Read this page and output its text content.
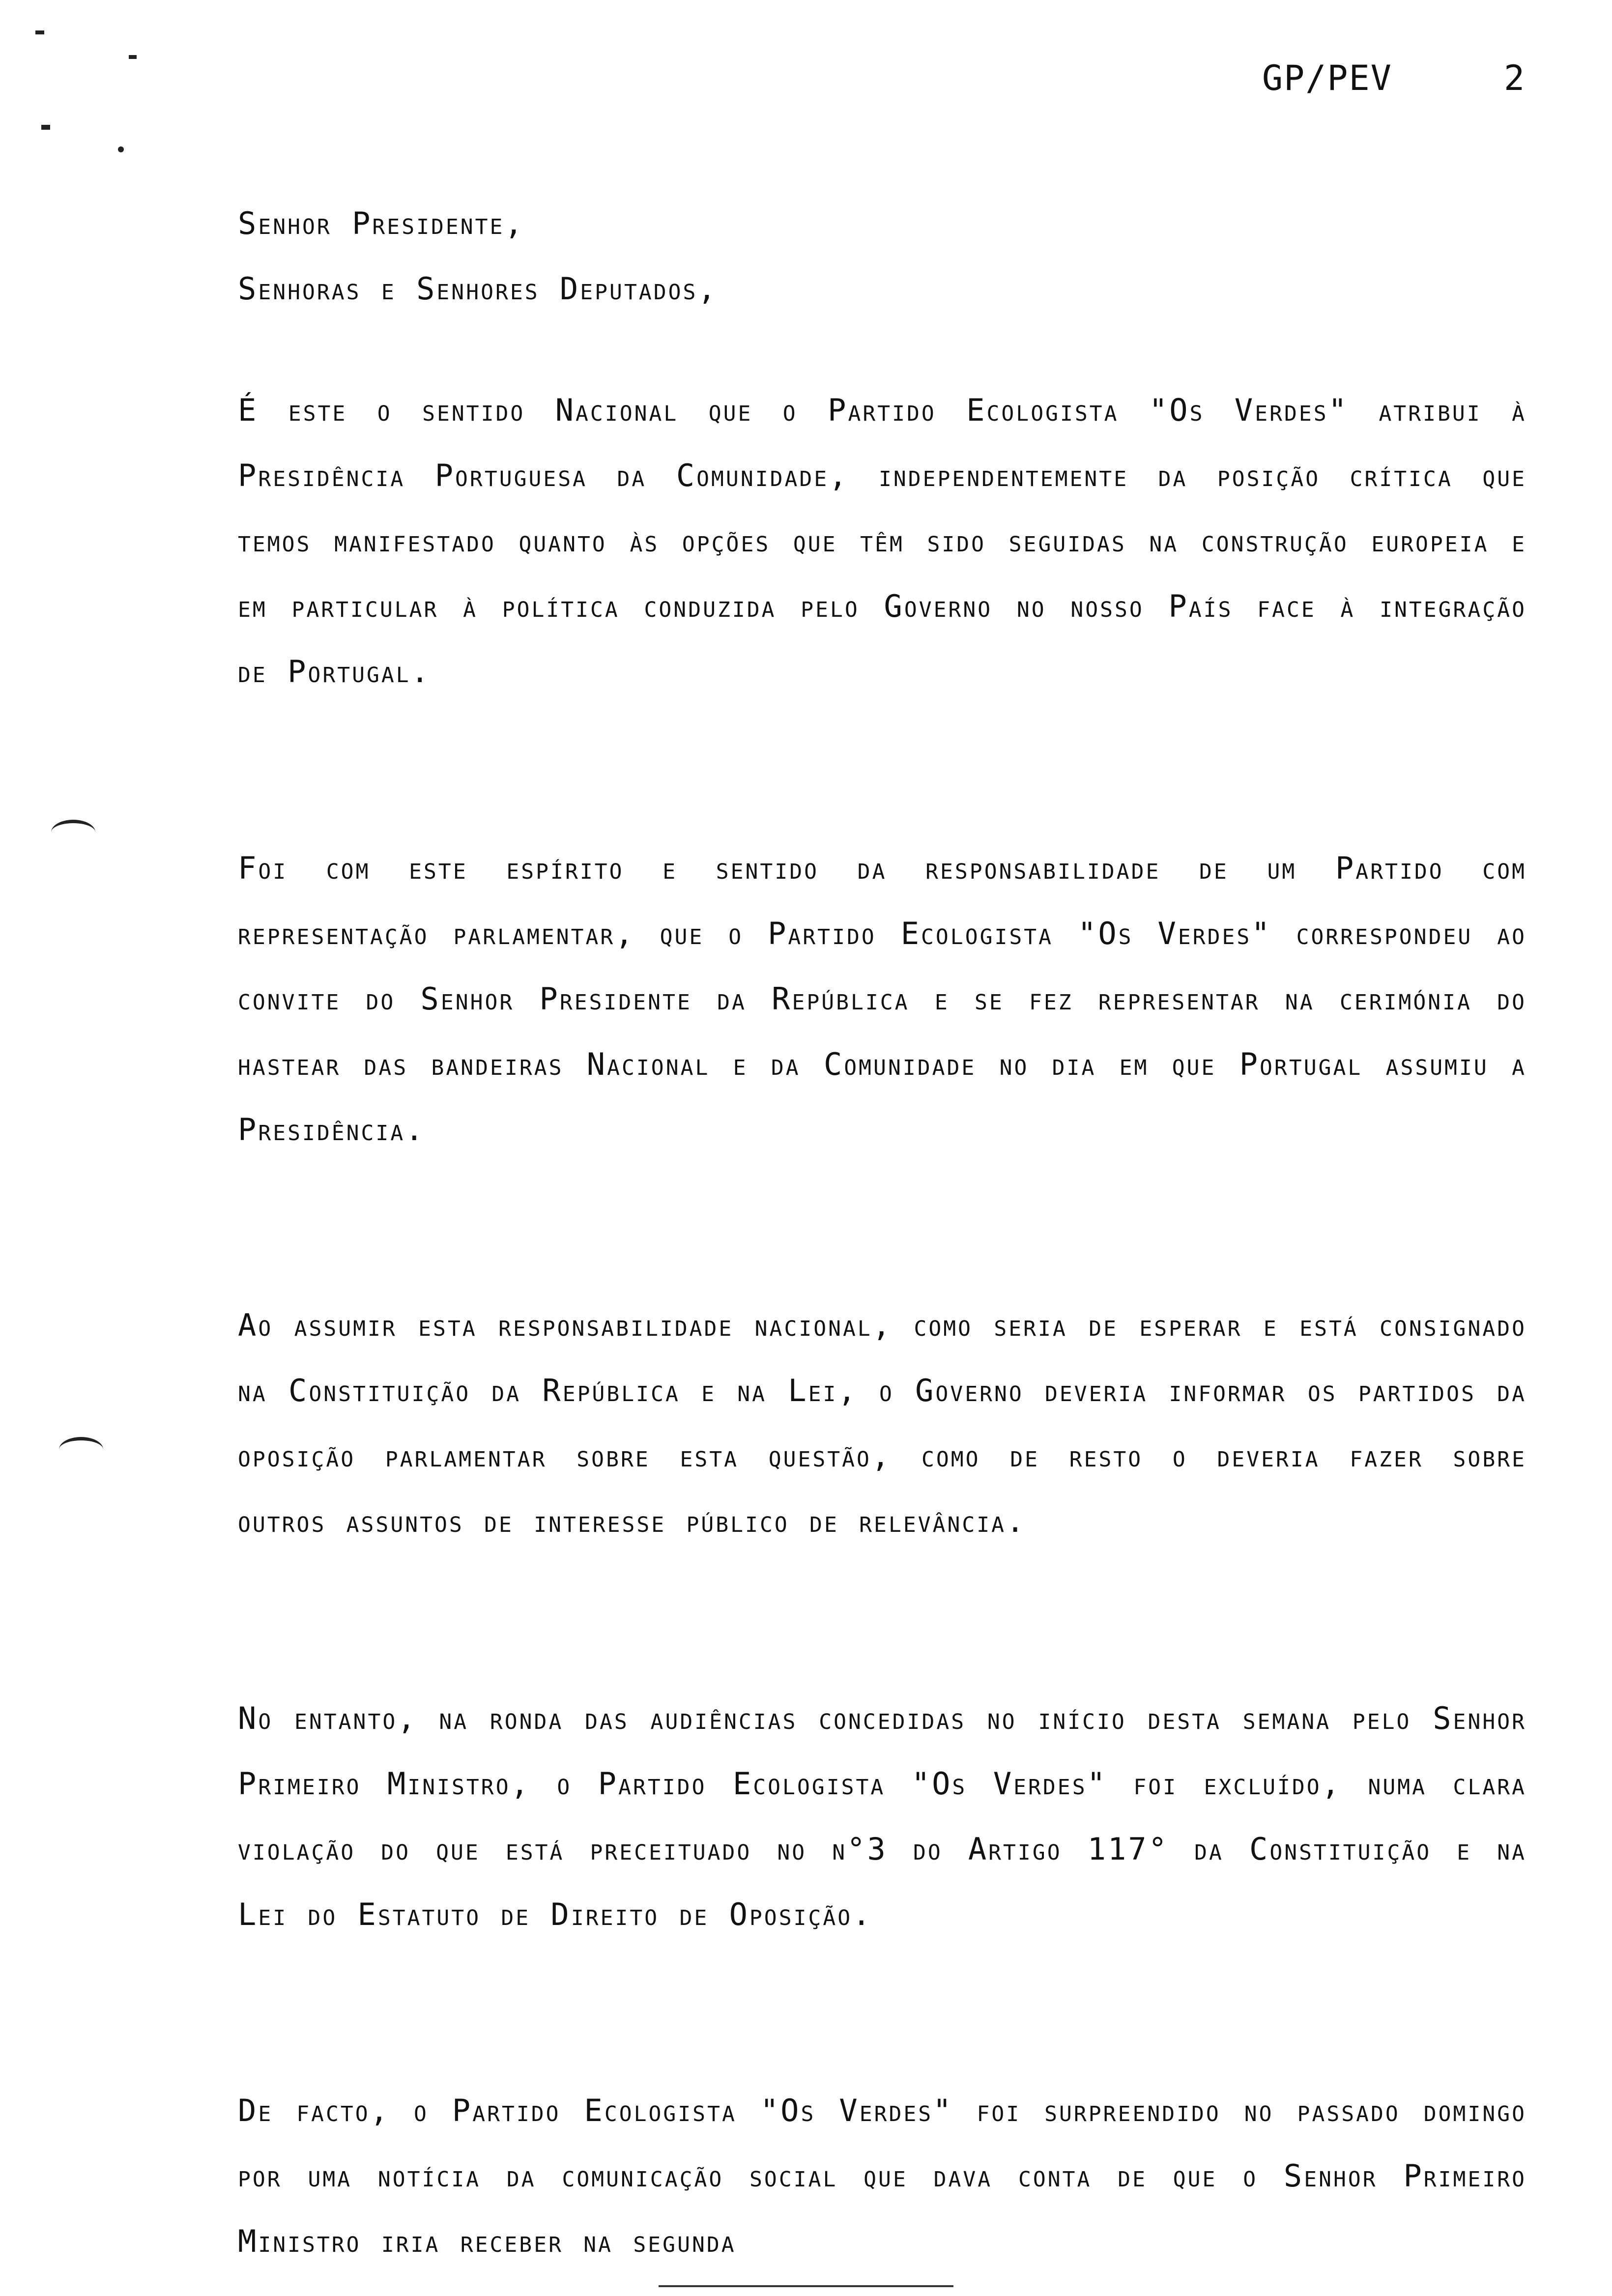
GP/PEV	2

Senhor Presidente,

Senhoras e Senhores Deputados,

É este o sentido Nacional que o Partido Ecologista "Os Verdes" atribui à Presidência Portuguesa da Comunidade, independentemente da posição crítica que temos manifestado quanto às opções que têm sido seguidas na construção europeia e em particular à política conduzida pelo Governo no nosso País face à integração de Portugal.

Foi com este espírito e sentido da responsabilidade de um Partido com representação parlamentar, que o Partido Ecologista "Os Verdes" correspondeu ao convite do Senhor Presidente da República e se fez representar na cerimónia do hastear das bandeiras Nacional e da Comunidade no dia em que Portugal assumiu a Presidência.

Ao assumir esta responsabilidade nacional, como seria de esperar e está consignado na Constituição da República e na Lei, o Governo deveria informar os partidos da oposição parlamentar sobre esta questão, como de resto o deveria fazer sobre outros assuntos de interesse público de relevância.

No entanto, na ronda das audiências concedidas no início desta semana pelo Senhor Primeiro Ministro, o Partido Ecologista "Os Verdes" foi excluído, numa clara violação do que está preceituado no n°3 do Artigo 117° da Constituição e na Lei do Estatuto de Direito de Oposição.

De facto, o Partido Ecologista "Os Verdes" foi surpreendido no passado domingo por uma notícia da comunicação social que dava conta de que o Senhor Primeiro Ministro iria receber na segunda
